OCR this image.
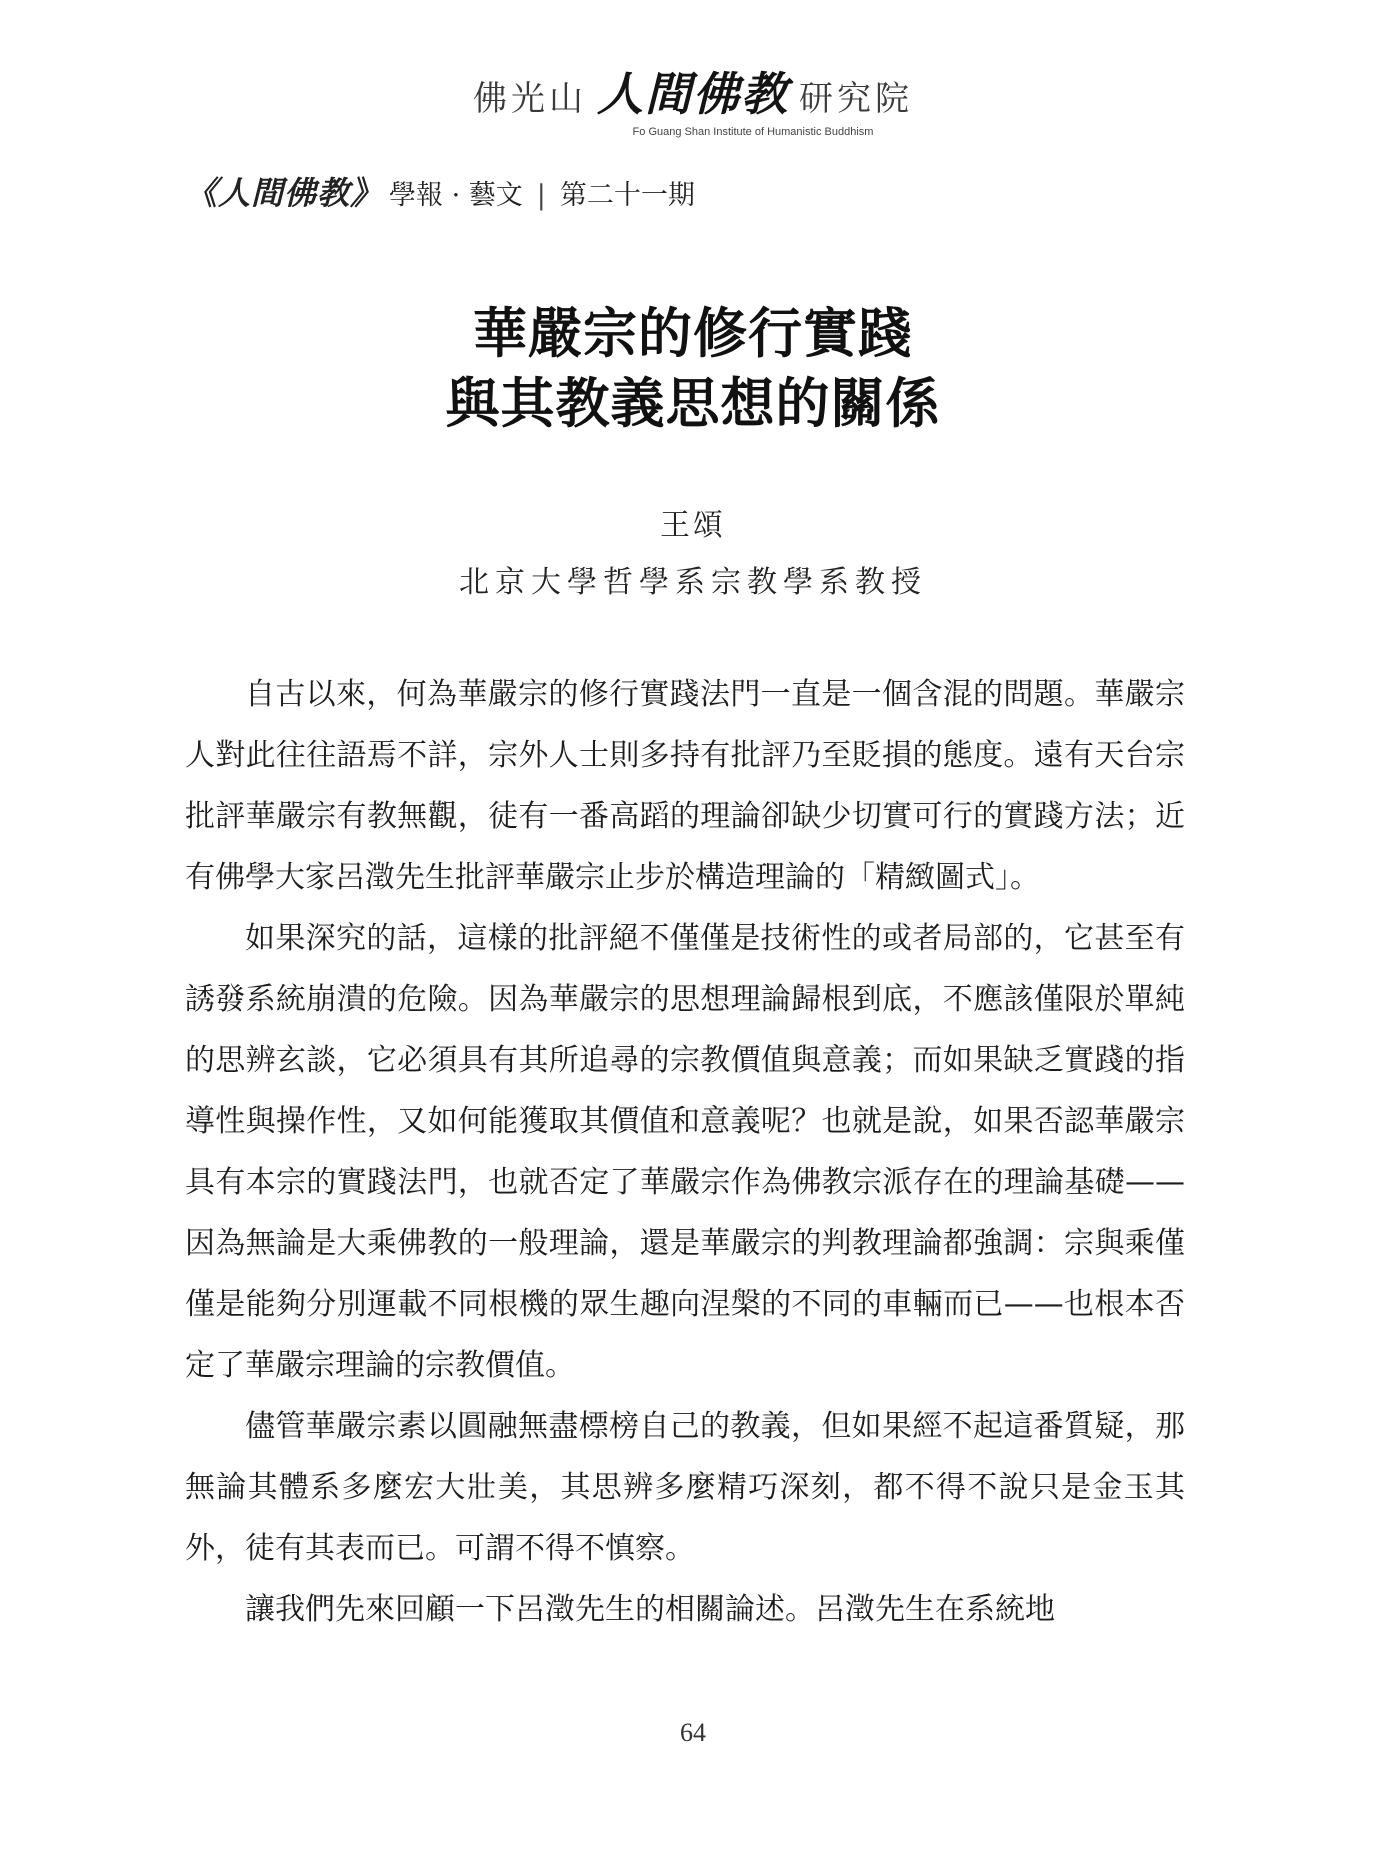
佛光山 人間佛教 研究院
Fo Guang Shan Institute of Humanistic Buddhism
《人間佛教》 學報 · 藝文 | 第二十一期
華嚴宗的修行實踐
與其教義思想的關係
王頌
北京大學哲學系宗教學系教授

自古以來，何為華嚴宗的修行實踐法門一直是一個含混的問題。華嚴宗人對此往往語焉不詳，宗外人士則多持有批評乃至貶損的態度。遠有天台宗批評華嚴宗有教無觀，徒有一番高蹈的理論卻缺少切實可行的實踐方法；近有佛學大家呂澂先生批評華嚴宗止步於構造理論的「精緻圖式」。

如果深究的話，這樣的批評絕不僅僅是技術性的或者局部的，它甚至有誘發系統崩潰的危險。因為華嚴宗的思想理論歸根到底，不應該僅限於單純的思辨玄談，它必須具有其所追尋的宗教價值與意義；而如果缺乏實踐的指導性與操作性，又如何能獲取其價值和意義呢？也就是說，如果否認華嚴宗具有本宗的實踐法門，也就否定了華嚴宗作為佛教宗派存在的理論基礎——因為無論是大乘佛教的一般理論，還是華嚴宗的判教理論都強調：宗與乘僅僅是能夠分別運載不同根機的眾生趣向涅槃的不同的車輛而已——也根本否定了華嚴宗理論的宗教價值。

儘管華嚴宗素以圓融無盡標榜自己的教義，但如果經不起這番質疑，那無論其體系多麼宏大壯美，其思辨多麼精巧深刻，都不得不說只是金玉其外，徒有其表而已。可謂不得不慎察。

讓我們先來回顧一下呂澂先生的相關論述。呂澂先生在系統地

64
